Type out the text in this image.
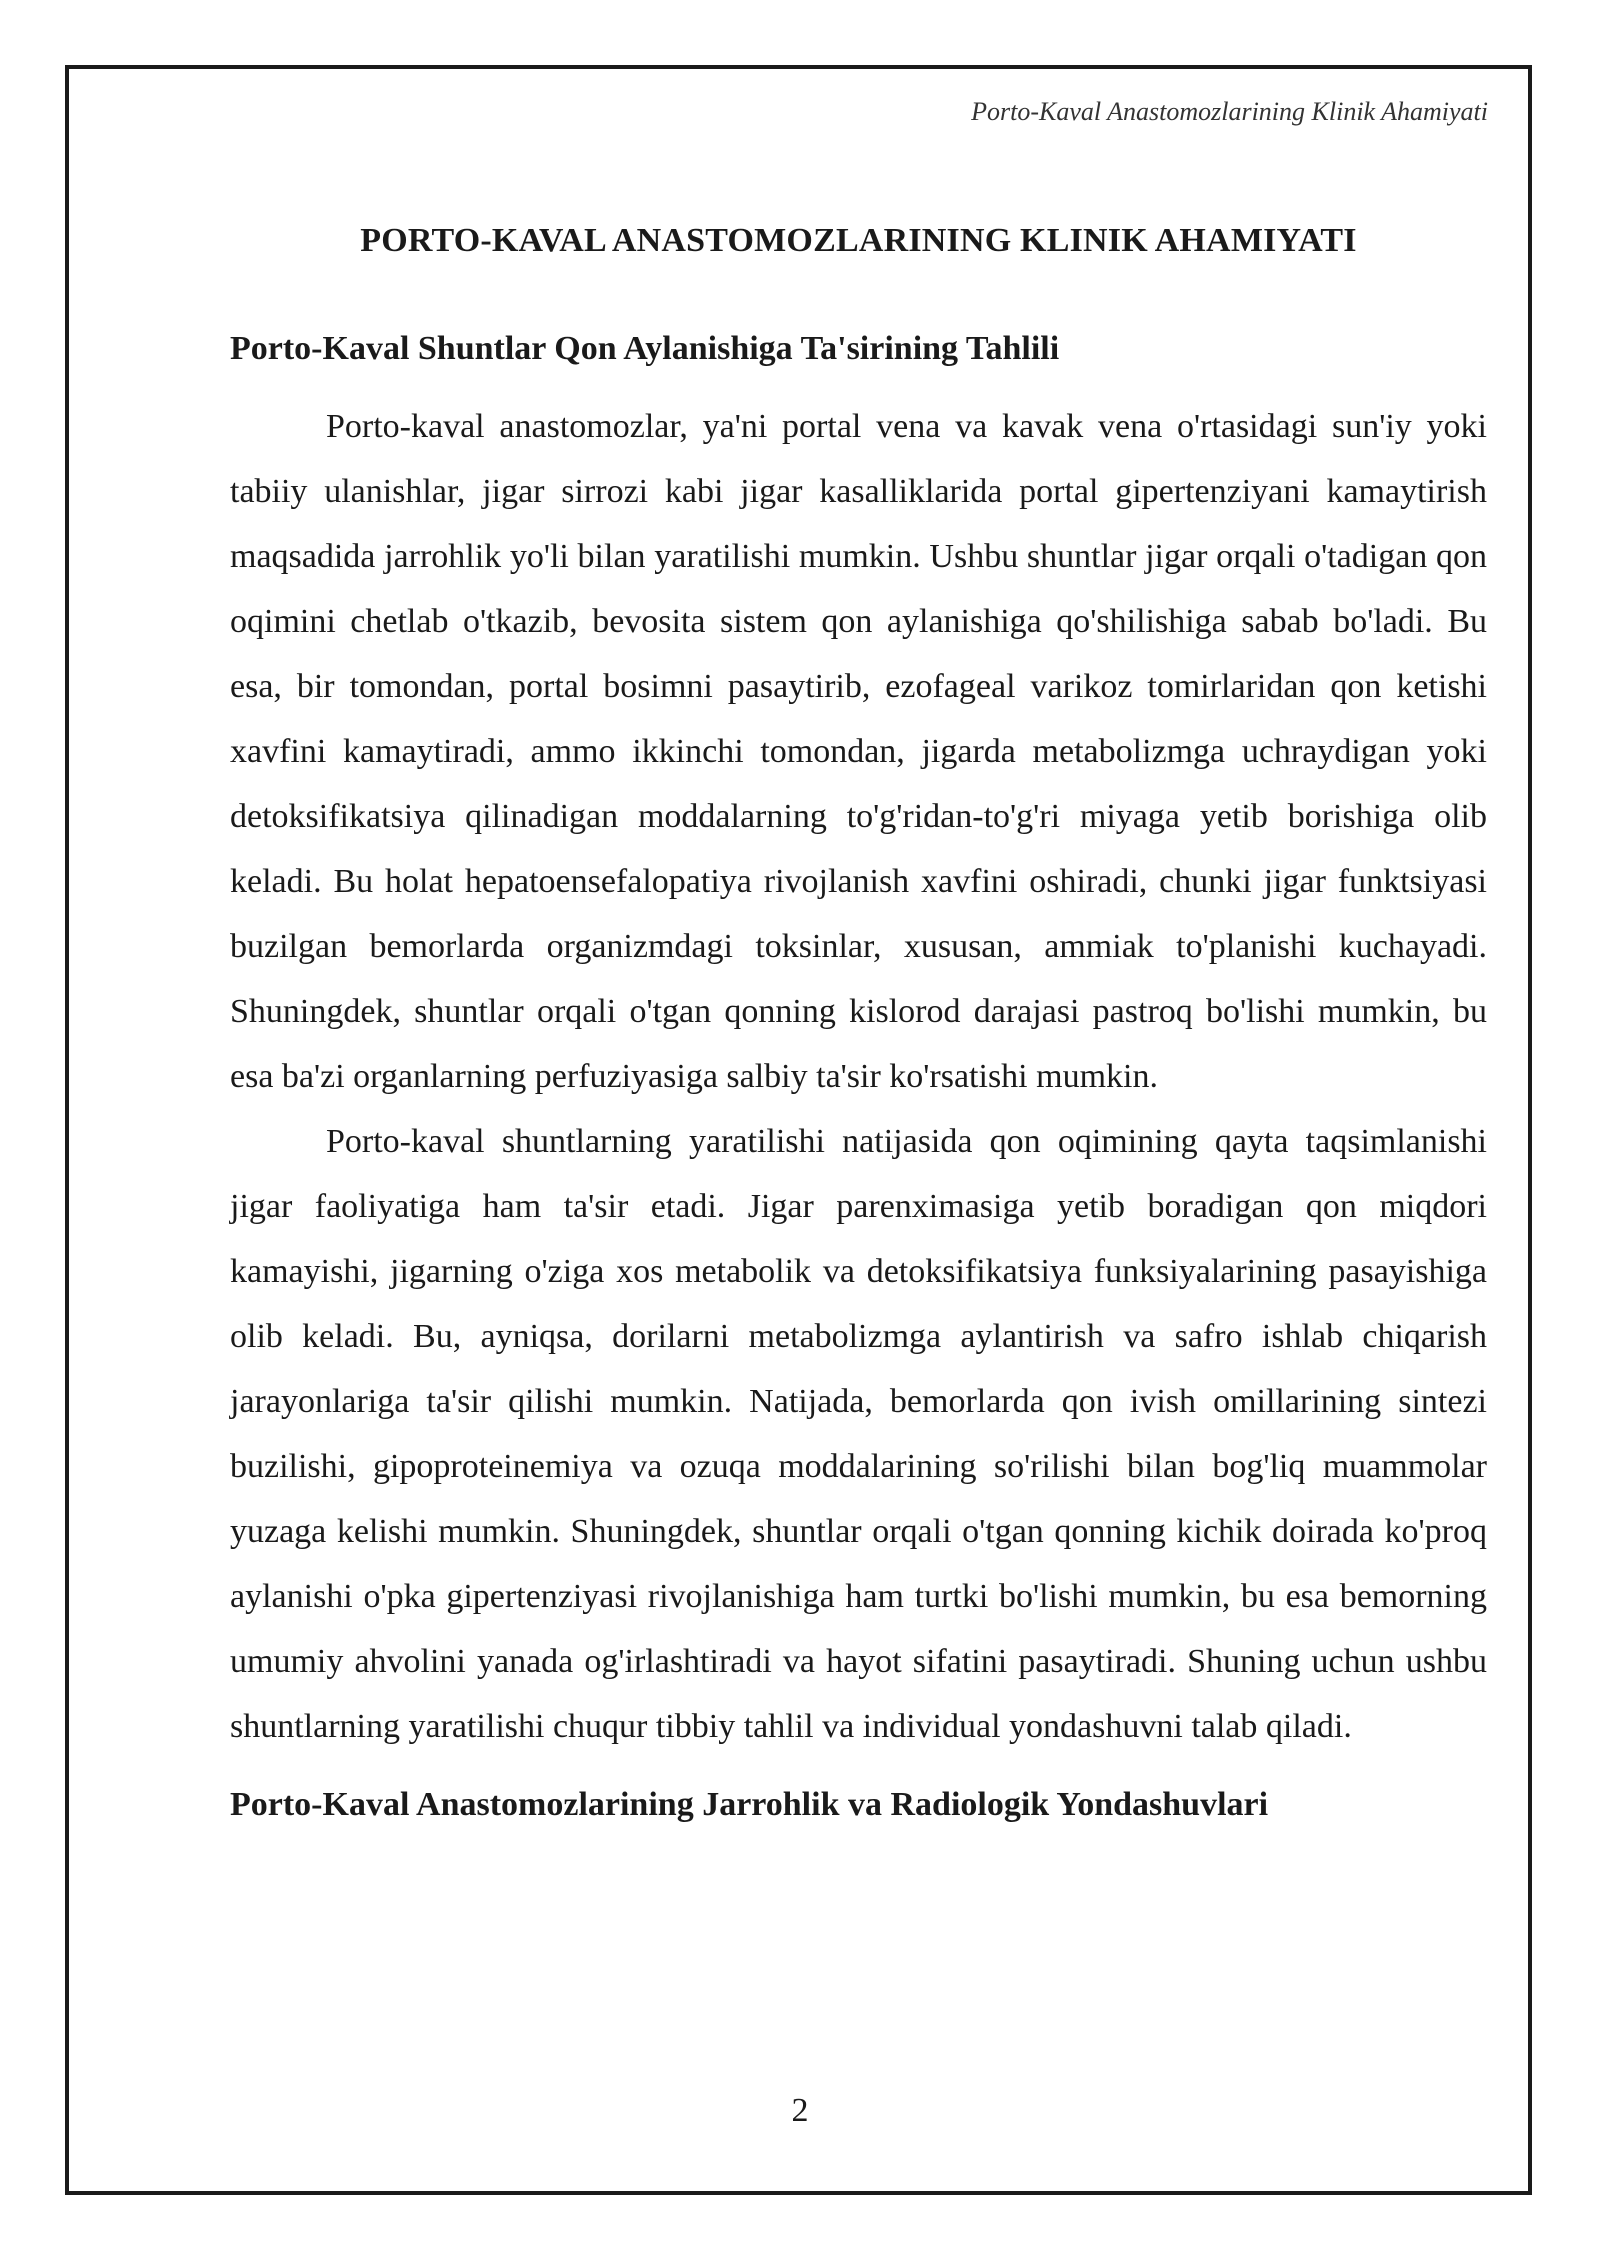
Porto-Kaval Anastomozlarining Klinik Ahamiyati

PORTO-KAVAL ANASTOMOZLARINING KLINIK AHAMIYATI
Porto-Kaval Shuntlar Qon Aylanishiga Ta'sirining Tahlili

Porto-kaval anastomozlar, ya'ni portal vena va kavak vena o'rtasidagi sun'iy yoki tabiiy ulanishlar, jigar sirrozi kabi jigar kasalliklarida portal gipertenziyani kamaytirish maqsadida jarrohlik yo'li bilan yaratilishi mumkin. Ushbu shuntlar jigar orqali o'tadigan qon oqimini chetlab o'tkazib, bevosita sistem qon aylanishiga qo'shilishiga sabab bo'ladi. Bu esa, bir tomondan, portal bosimni pasaytirib, ezofageal varikoz tomirlaridan qon ketishi xavfini kamaytiradi, ammo ikkinchi tomondan, jigarda metabolizmga uchraydigan yoki detoksifikatsiya qilinadigan moddalarning to'g'ridan-to'g'ri miyaga yetib borishiga olib keladi. Bu holat hepatoensefalopatiya rivojlanish xavfini oshiradi, chunki jigar funktsiyasi buzilgan bemorlarda organizmdagi toksinlar, xususan, ammiak to'planishi kuchayadi. Shuningdek, shuntlar orqali o'tgan qonning kislorod darajasi pastroq bo'lishi mumkin, bu esa ba'zi organlarning perfuziyasiga salbiy ta'sir ko'rsatishi mumkin.

Porto-kaval shuntlarning yaratilishi natijasida qon oqimining qayta taqsimlanishi jigar faoliyatiga ham ta'sir etadi. Jigar parenximasiga yetib boradigan qon miqdori kamayishi, jigarning o'ziga xos metabolik va detoksifikatsiya funksiyalarining pasayishiga olib keladi. Bu, ayniqsa, dorilarni metabolizmga aylantirish va safro ishlab chiqarish jarayonlariga ta'sir qilishi mumkin. Natijada, bemorlarda qon ivish omillarining sintezi buzilishi, gipoproteinemiya va ozuqa moddalarining so'rilishi bilan bog'liq muammolar yuzaga kelishi mumkin. Shuningdek, shuntlar orqali o'tgan qonning kichik doirada ko'proq aylanishi o'pka gipertenziyasi rivojlanishiga ham turtki bo'lishi mumkin, bu esa bemorning umumiy ahvolini yanada og'irlashtiradi va hayot sifatini pasaytiradi. Shuning uchun ushbu shuntlarning yaratilishi chuqur tibbiy tahlil va individual yondashuvni talab qiladi.

Porto-Kaval Anastomozlarining Jarrohlik va Radiologik Yondashuvlari

2
